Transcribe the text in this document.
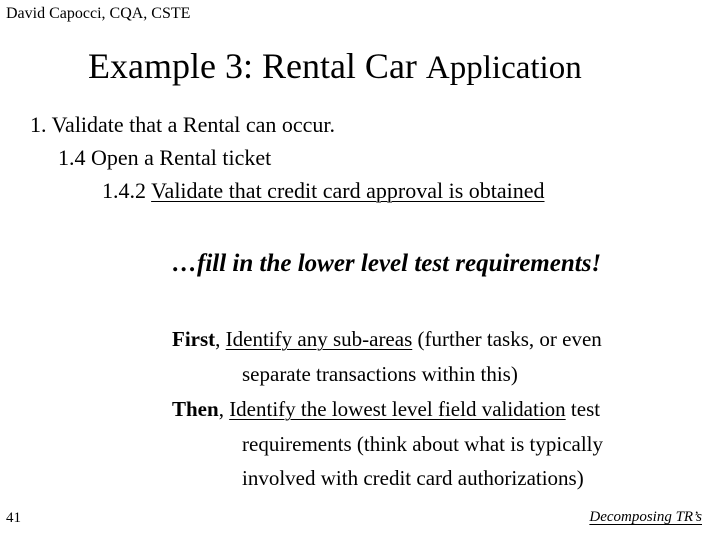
David Capocci, CQA, CSTE
Example 3: Rental Car Application
1. Validate that a Rental can occur.
1.4 Open a Rental ticket
1.4.2 Validate that credit card approval is obtained
…fill in the lower level test requirements!
First, Identify any sub-areas (further tasks, or even
separate transactions within this)
Then, Identify the lowest level field validation test
requirements (think about what is typically
involved with credit card authorizations)
41	Decomposing TR’s
